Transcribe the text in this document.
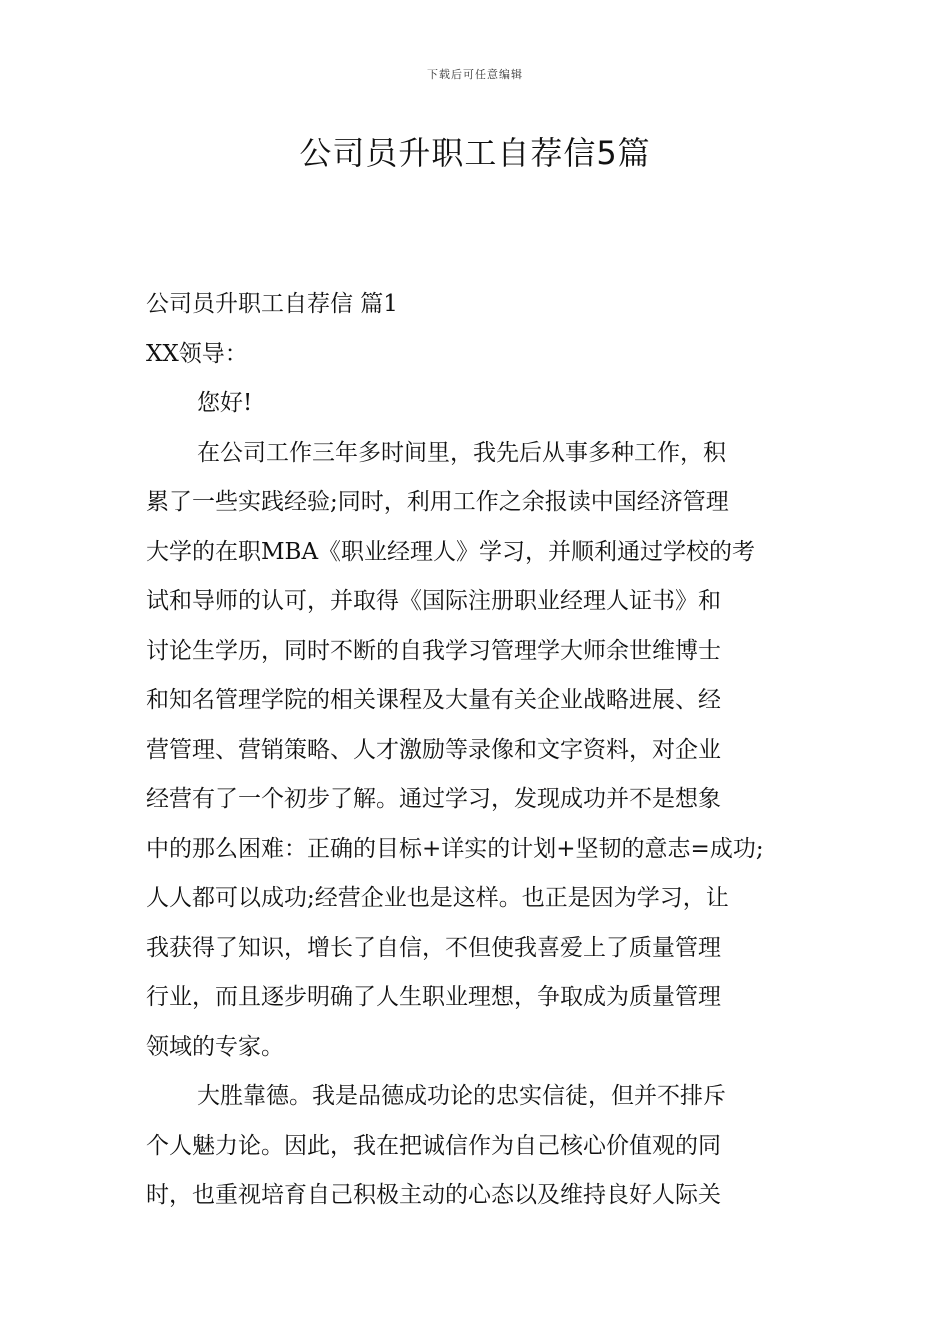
下载后可任意编辑
公司员升职工自荐信5篇
公司员升职工自荐信 篇1
XX领导：
您好!
在公司工作三年多时间里，我先后从事多种工作，积
累了一些实践经验;同时，利用工作之余报读中国经济管理
大学的在职MBA《职业经理人》学习，并顺利通过学校的考
试和导师的认可，并取得《国际注册职业经理人证书》和
讨论生学历，同时不断的自我学习管理学大师余世维博士
和知名管理学院的相关课程及大量有关企业战略进展、经
营管理、营销策略、人才激励等录像和文字资料，对企业
经营有了一个初步了解。通过学习，发现成功并不是想象
中的那么困难：正确的目标+详实的计划+坚韧的意志=成功;
人人都可以成功;经营企业也是这样。也正是因为学习，让
我获得了知识，增长了自信，不但使我喜爱上了质量管理
行业，而且逐步明确了人生职业理想，争取成为质量管理
领域的专家。
大胜靠德。我是品德成功论的忠实信徒，但并不排斥
个人魅力论。因此，我在把诚信作为自己核心价值观的同
时，也重视培育自己积极主动的心态以及维持良好人际关
